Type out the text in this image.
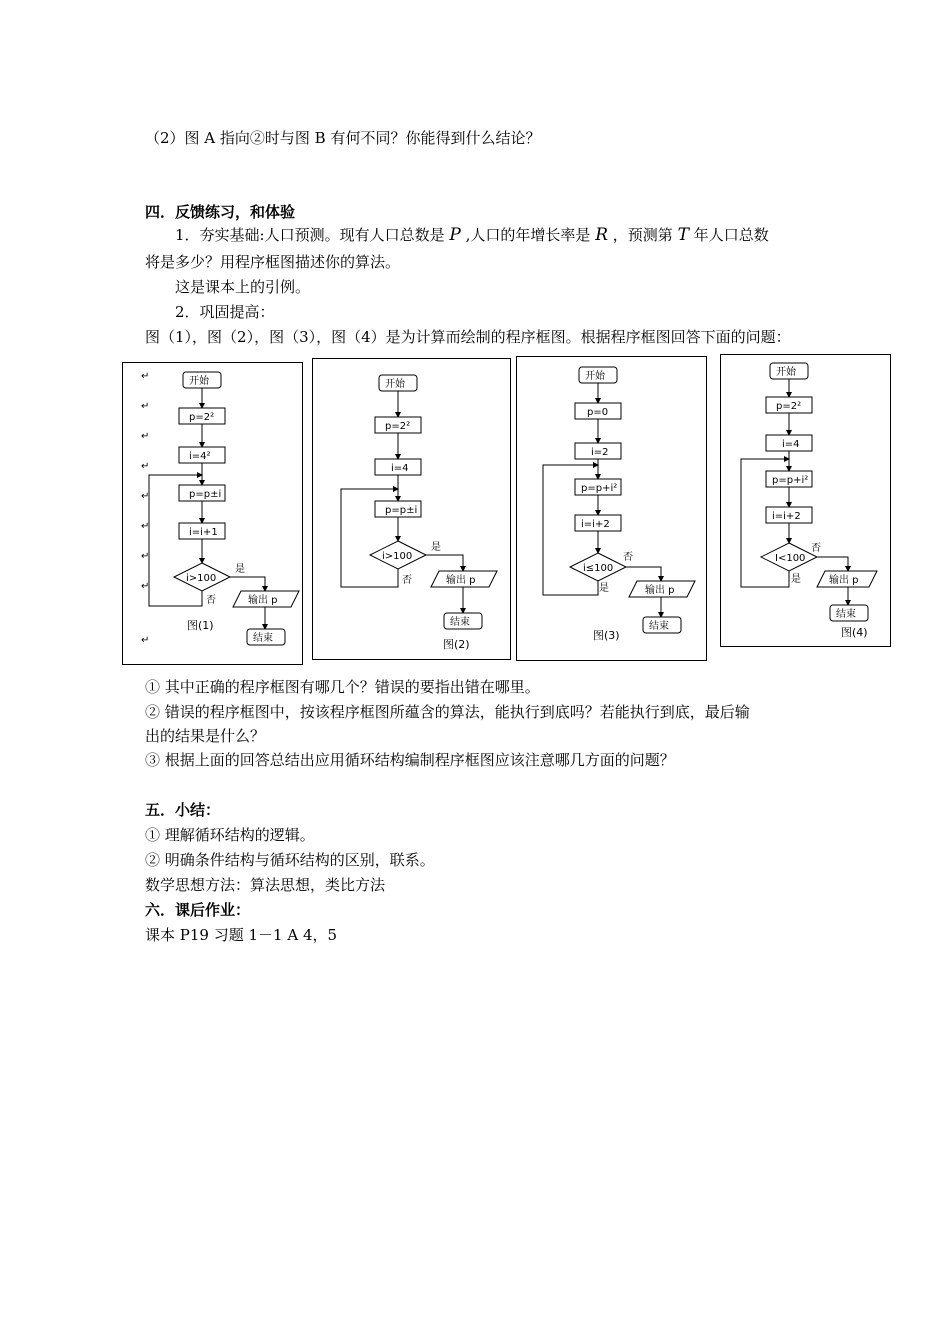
（2）图 A 指向②时与图 B 有何不同？你能得到什么结论？
四．反馈练习，和体验
1．夯实基础:人口预测。现有人口总数是 P ,人口的年增长率是 R ，预测第 T 年人口总数
将是多少？用程序框图描述你的算法。
这是课本上的引例。
2．巩固提高：
图（1），图（2），图（3），图（4）是为计算而绘制的程序框图。根据程序框图回答下面的问题：
↵
↵
↵
↵
↵
↵
↵
↵
↵
开始
p=2²
i=4²
p=p±i
i=i+1
i>100
是
否	输出 p
结束
图(1)
开始
p=2²
i=4
p=p±i
i>100
是
否	输出 p
结束
图(2)
开始
p=0
i=2
p=p+i²
i=i+2
i≤100
否
是	输出 p
结束
图(3)
开始
p=2²
i=4
p=p+i²
i=i+2
I<100
否
是	输出 p
结束
图(4)
① 其中正确的程序框图有哪几个？错误的要指出错在哪里。
② 错误的程序框图中，按该程序框图所蕴含的算法，能执行到底吗？若能执行到底，最后输
出的结果是什么？
③ 根据上面的回答总结出应用循环结构编制程序框图应该注意哪几方面的问题？
五．小结：
① 理解循环结构的逻辑。
② 明确条件结构与循环结构的区别，联系。
数学思想方法：算法思想，类比方法
六．课后作业：
课本 P19 习题 1－1 A 4，5
